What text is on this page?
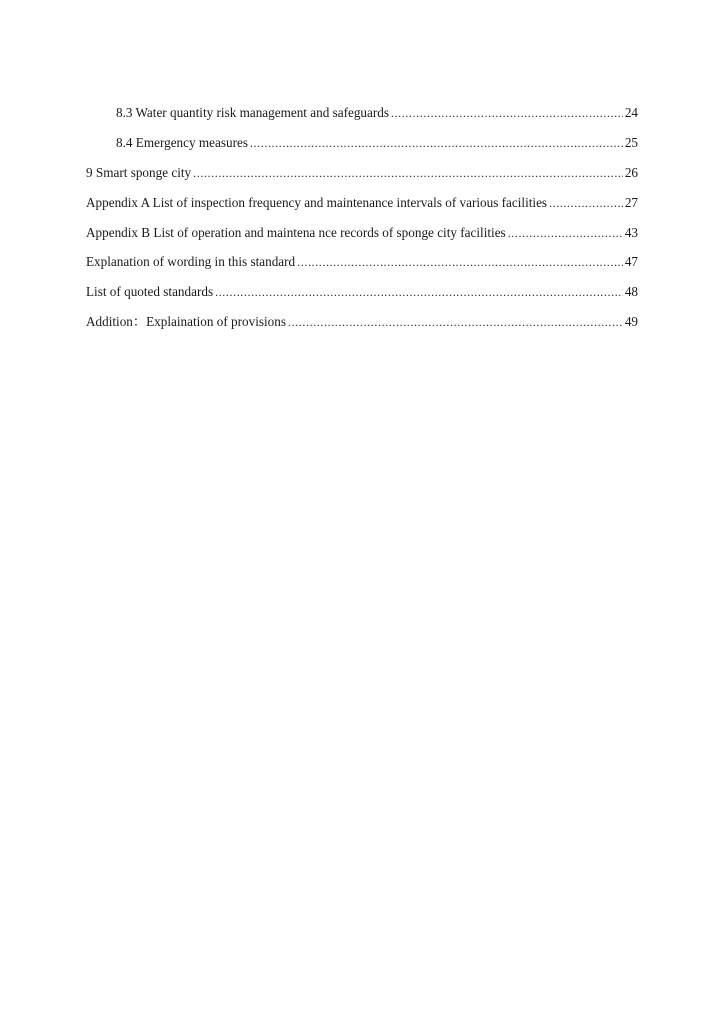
8.3 Water quantity risk management and safeguards .....	24
8.4 Emergency measures .....	25
9 Smart sponge city .....	26
Appendix A List of inspection frequency and maintenance intervals of various facilities .....	27
Appendix B List of operation and maintena nce records of sponge city facilities .....	43
Explanation of wording in this standard .....	47
List of quoted standards .....	48
Addition：Explaination of provisions .....	49
